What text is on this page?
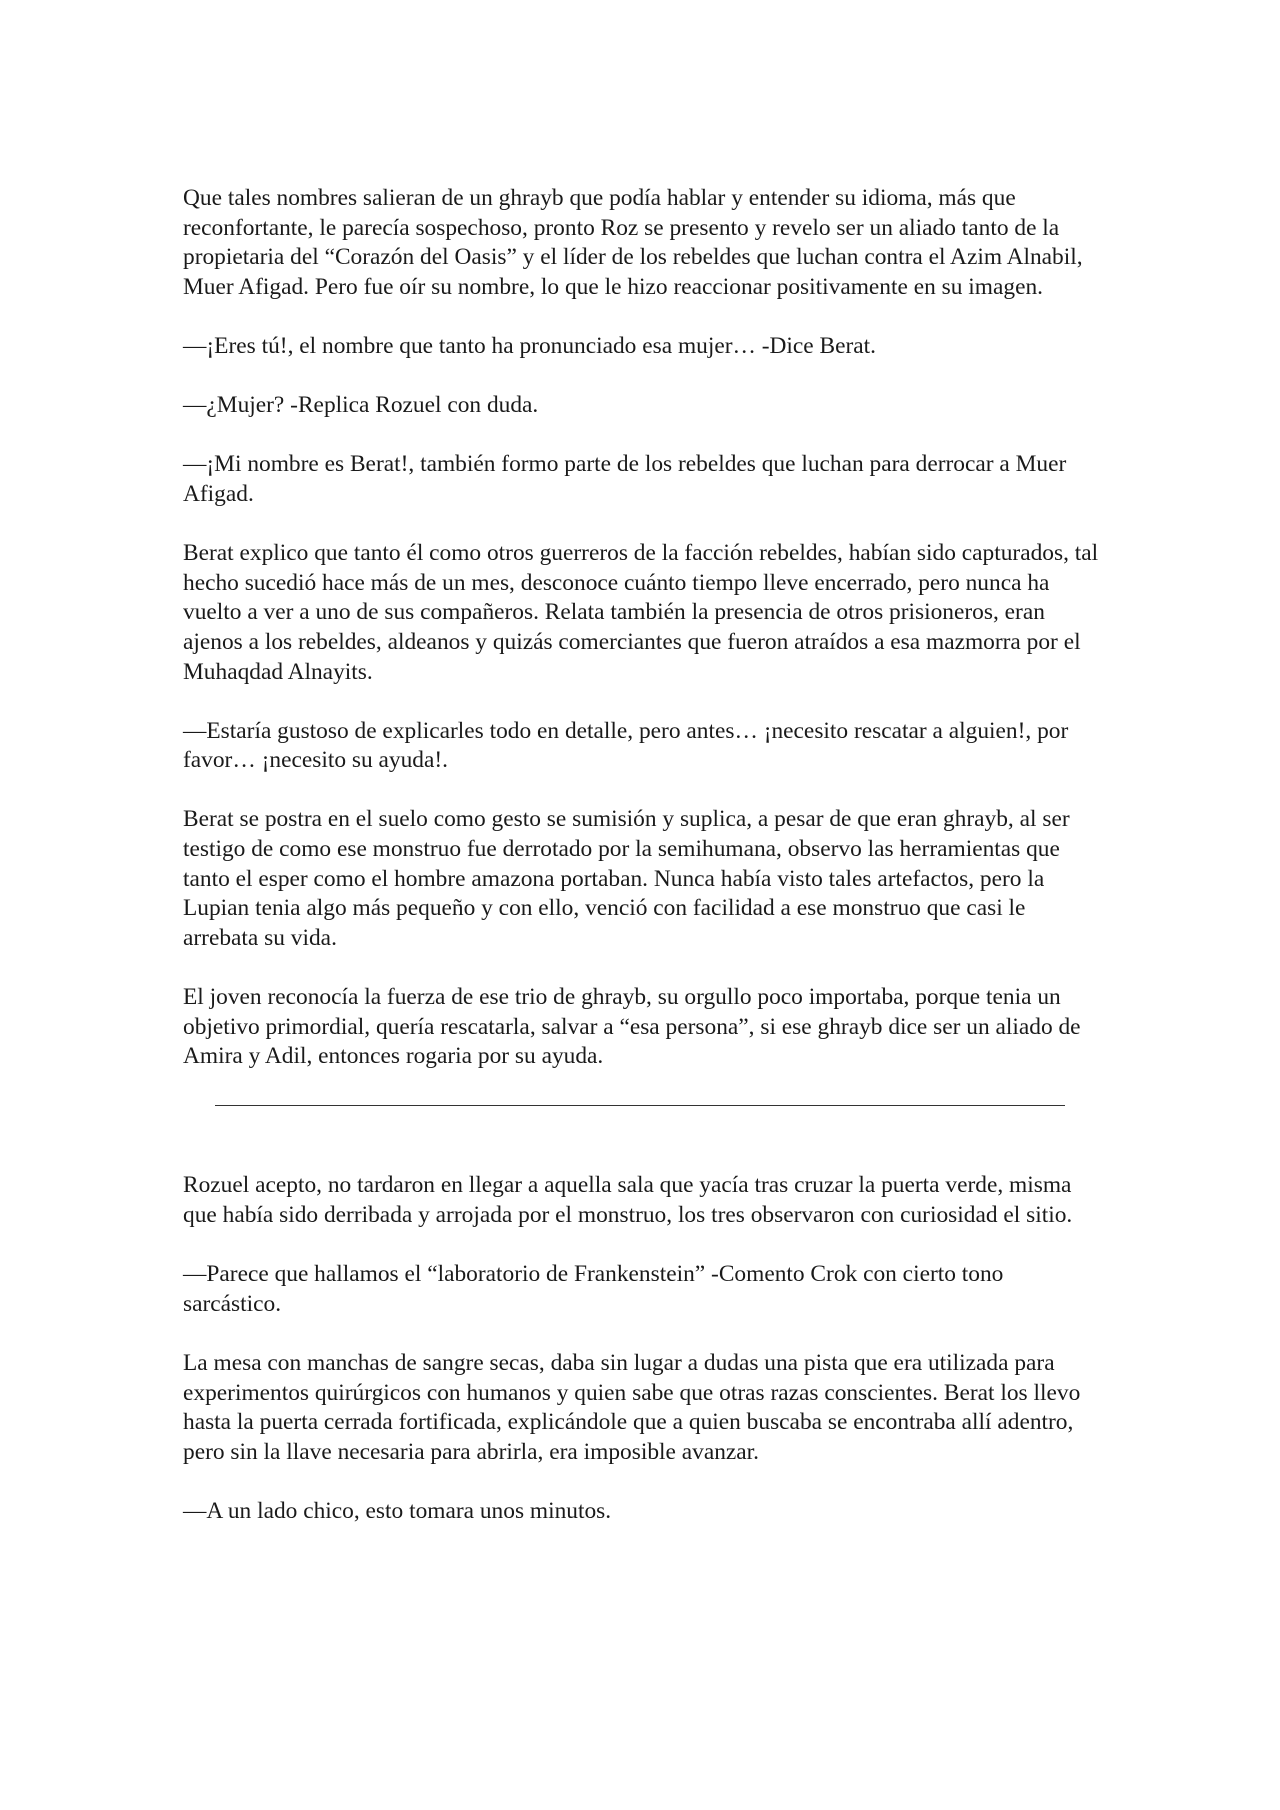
Que tales nombres salieran de un ghrayb que podía hablar y entender su idioma, más que reconfortante, le parecía sospechoso, pronto Roz se presento y revelo ser un aliado tanto de la propietaria del “Corazón del Oasis” y el líder de los rebeldes que luchan contra el Azim Alnabil, Muer Afigad. Pero fue oír su nombre, lo que le hizo reaccionar positivamente en su imagen.

—¡Eres tú!, el nombre que tanto ha pronunciado esa mujer… -Dice Berat.

—¿Mujer? -Replica Rozuel con duda.

—¡Mi nombre es Berat!, también formo parte de los rebeldes que luchan para derrocar a Muer Afigad.

Berat explico que tanto él como otros guerreros de la facción rebeldes, habían sido capturados, tal hecho sucedió hace más de un mes, desconoce cuánto tiempo lleve encerrado, pero nunca ha vuelto a ver a uno de sus compañeros. Relata también la presencia de otros prisioneros, eran ajenos a los rebeldes, aldeanos y quizás comerciantes que fueron atraídos a esa mazmorra por el Muhaqdad Alnayits.

—Estaría gustoso de explicarles todo en detalle, pero antes… ¡necesito rescatar a alguien!, por favor… ¡necesito su ayuda!.

Berat se postra en el suelo como gesto se sumisión y suplica, a pesar de que eran ghrayb, al ser testigo de como ese monstruo fue derrotado por la semihumana, observo las herramientas que tanto el esper como el hombre amazona portaban. Nunca había visto tales artefactos, pero la Lupian tenia algo más pequeño y con ello, venció con facilidad a ese monstruo que casi le arrebata su vida.

El joven reconocía la fuerza de ese trio de ghrayb, su orgullo poco importaba, porque tenia un objetivo primordial, quería rescatarla, salvar a “esa persona”, si ese ghrayb dice ser un aliado de Amira y Adil, entonces rogaria por su ayuda.

Rozuel acepto, no tardaron en llegar a aquella sala que yacía tras cruzar la puerta verde, misma que había sido derribada y arrojada por el monstruo, los tres observaron con curiosidad el sitio.

—Parece que hallamos el “laboratorio de Frankenstein” -Comento Crok con cierto tono sarcástico.

La mesa con manchas de sangre secas, daba sin lugar a dudas una pista que era utilizada para experimentos quirúrgicos con humanos y quien sabe que otras razas conscientes. Berat los llevo hasta la puerta cerrada fortificada, explicándole que a quien buscaba se encontraba allí adentro, pero sin la llave necesaria para abrirla, era imposible avanzar.

—A un lado chico, esto tomara unos minutos.
